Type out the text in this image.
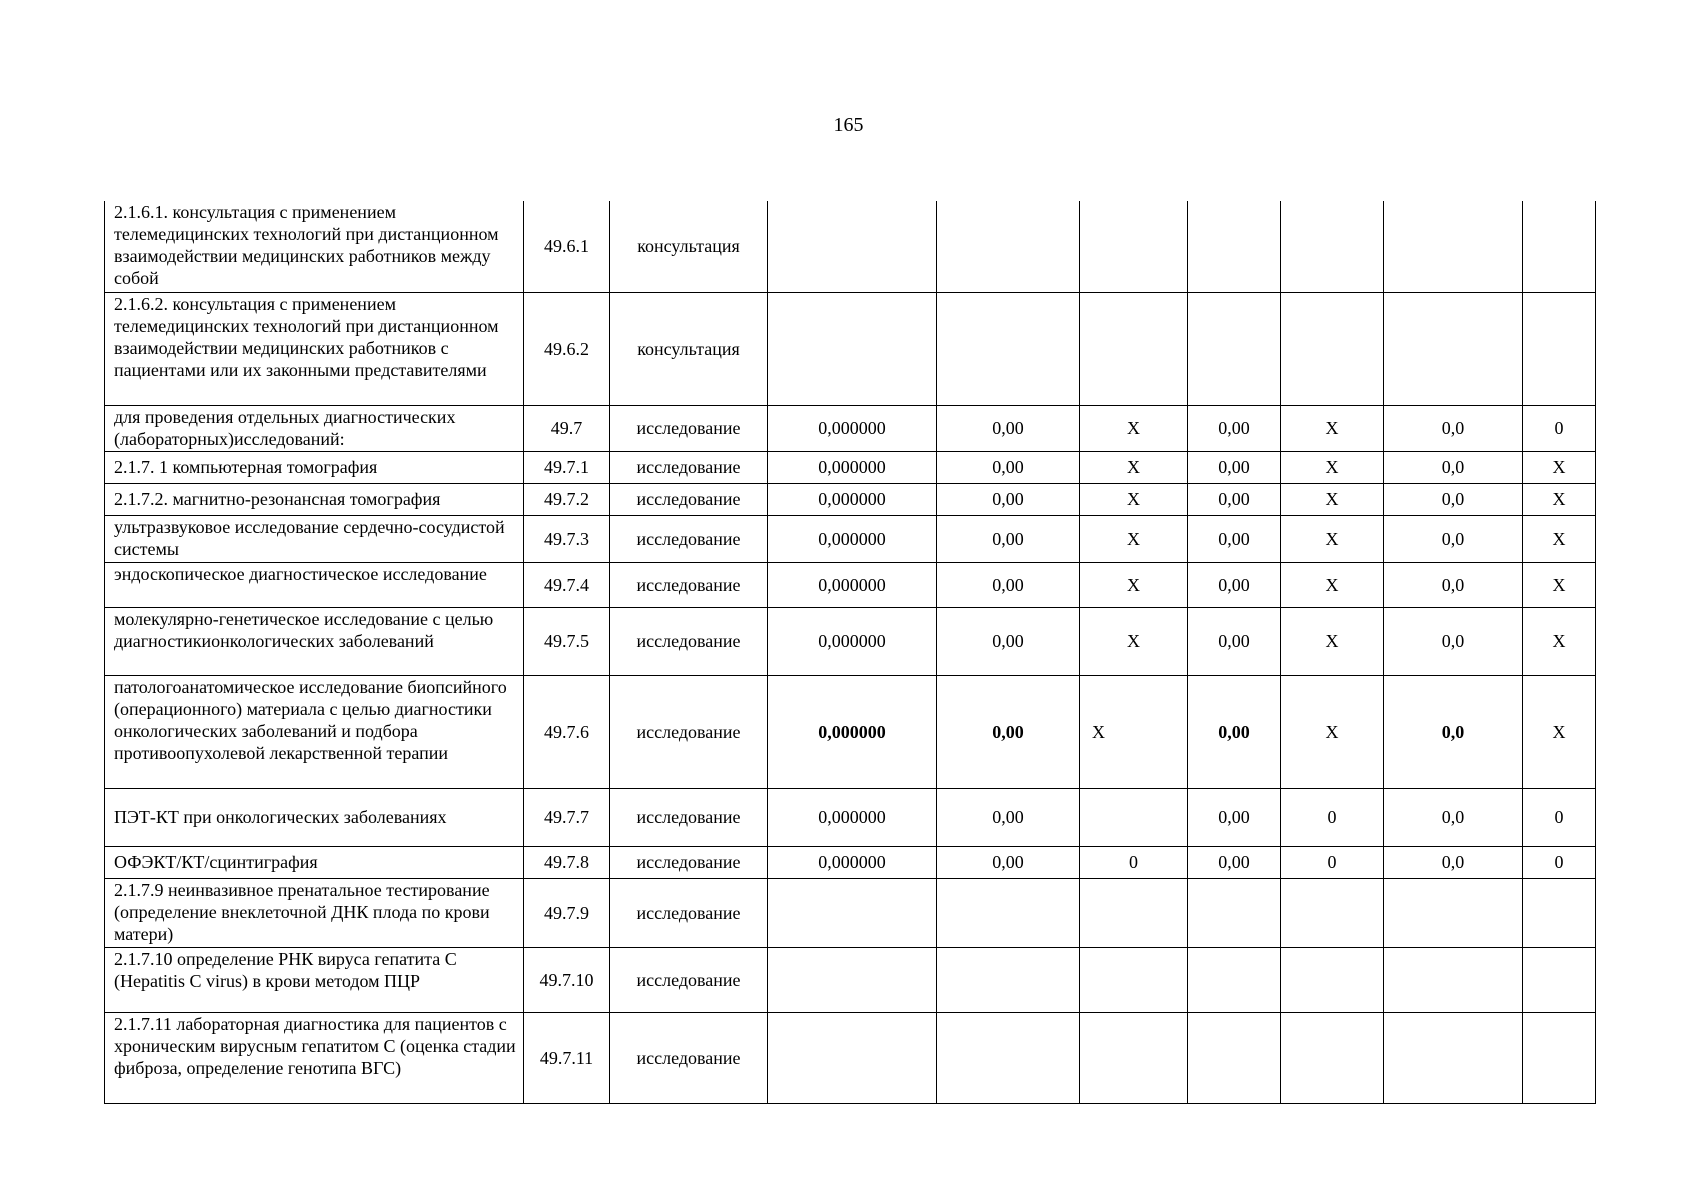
165
2.1.6.1. консультация с применением телемедицинских технологий при дистанционном взаимодействии медицинских работников между собой	49.6.1	консультация							
2.1.6.2. консультация с применением телемедицинских технологий при дистанционном взаимодействии медицинских работников с пациентами или их законными представителями	49.6.2	консультация							
для проведения отдельных диагностических (лабораторных)исследований:	49.7	исследование	0,000000	0,00	Х	0,00	Х	0,0	0
2.1.7. 1 компьютерная томография	49.7.1	исследование	0,000000	0,00	Х	0,00	Х	0,0	Х
2.1.7.2. магнитно-резонансная томография	49.7.2	исследование	0,000000	0,00	Х	0,00	Х	0,0	Х
ультразвуковое исследование сердечно-сосудистой системы	49.7.3	исследование	0,000000	0,00	Х	0,00	Х	0,0	Х
эндоскопическое диагностическое исследование	49.7.4	исследование	0,000000	0,00	Х	0,00	Х	0,0	Х
молекулярно-генетическое исследование с целью диагностикионкологических заболеваний	49.7.5	исследование	0,000000	0,00	Х	0,00	Х	0,0	Х
патологоанатомическое исследование биопсийного (операционного) материала с целью диагностики онкологических заболеваний и подбора противоопухолевой лекарственной терапии	49.7.6	исследование	0,000000	0,00	Х	0,00	Х	0,0	Х
ПЭТ-КТ при онкологических заболеваниях	49.7.7	исследование	0,000000	0,00		0,00	0	0,0	0
ОФЭКТ/КТ/сцинтиграфия	49.7.8	исследование	0,000000	0,00	0	0,00	0	0,0	0
2.1.7.9 неинвазивное пренатальное тестирование (определение внеклеточной ДНК плода по крови матери)	49.7.9	исследование							
2.1.7.10 определение РНК вируса гепатита С (Hepatitis C virus) в крови методом ПЦР	49.7.10	исследование							
2.1.7.11 лабораторная диагностика для пациентов с хроническим вирусным гепатитом С (оценка стадии фиброза, определение генотипа ВГС)	49.7.11	исследование							
